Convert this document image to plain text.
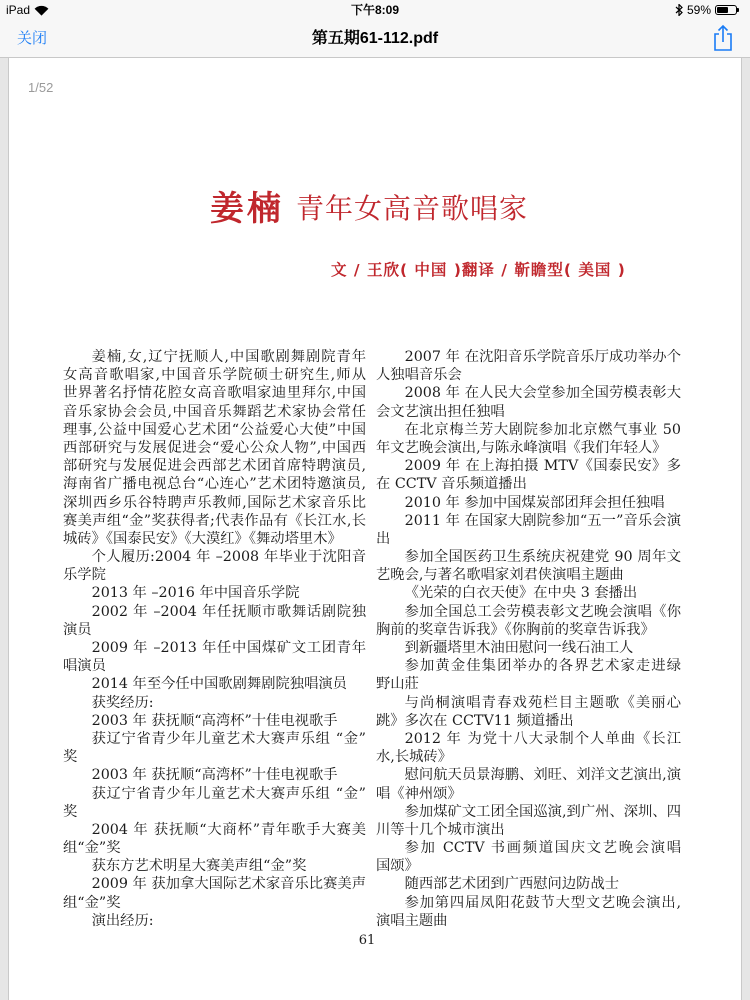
iPad	下午8:09	59%
关闭	第五期61-112.pdf
1/52
姜楠 青年女高音歌唱家
文 / 王欣( 中国 )翻译 / 靳瞻型( 美国 )
姜楠,女,辽宁抚顺人,中国歌剧舞剧院青年
女高音歌唱家,中国音乐学院硕士研究生,师从
世界著名抒情花腔女高音歌唱家迪里拜尔,中国
音乐家协会会员,中国音乐舞蹈艺术家协会常任
理事,公益中国爱心艺术团“公益爱心大使”中国
西部研究与发展促进会“爱心公众人物”,中国西
部研究与发展促进会西部艺术团首席特聘演员,
海南省广播电视总台“心连心”艺术团特邀演员,
深圳西乡乐谷特聘声乐教师,国际艺术家音乐比
赛美声组“金”奖获得者;代表作品有《长江水,长
城砖》《国泰民安》《大漠红》《舞动塔里木》
个人履历:2004 年 –2008 年毕业于沈阳音
乐学院
2013 年 –2016 年中国音乐学院
2002 年 –2004 年任抚顺市歌舞话剧院独
演员
2009 年 –2013 年任中国煤矿文工团青年
唱演员
2014 年至今任中国歌剧舞剧院独唱演员
获奖经历:
2003 年 获抚顺“高湾杯”十佳电视歌手
获辽宁省青少年儿童艺术大赛声乐组 “金”
奖
2003 年 获抚顺“高湾杯”十佳电视歌手
获辽宁省青少年儿童艺术大赛声乐组 “金”
奖
2004 年 获抚顺“大商杯”青年歌手大赛美
组“金”奖
获东方艺术明星大赛美声组“金”奖
2009 年 获加拿大国际艺术家音乐比赛美声
组“金”奖
演出经历:
2007 年 在沈阳音乐学院音乐厅成功举办个
人独唱音乐会
2008 年 在人民大会堂参加全国劳模表彰大
会文艺演出担任独唱
在北京梅兰芳大剧院参加北京燃气事业 50
年文艺晚会演出,与陈永峰演唱《我们年轻人》
2009 年 在上海拍摄 MTV《国泰民安》多
在 CCTV 音乐频道播出
2010 年 参加中国煤炭部团拜会担任独唱
2011 年 在国家大剧院参加“五一”音乐会演
出
参加全国医药卫生系统庆祝建党 90 周年文
艺晚会,与著名歌唱家刘君侠演唱主题曲
《光荣的白衣天使》在中央 3 套播出
参加全国总工会劳模表彰文艺晚会演唱《你
胸前的奖章告诉我》《你胸前的奖章告诉我》
到新疆塔里木油田慰问一线石油工人
参加黄金佳集团举办的各界艺术家走进绿
野山莊
与尚桐演唱青春戏苑栏目主题歌《美丽心
跳》多次在 CCTV11 频道播出
2012 年 为党十八大录制个人单曲《长江
水,长城砖》
慰问航天员景海鹏、刘旺、刘洋文艺演出,演
唱《神州颂》
参加煤矿文工团全国巡演,到广州、深圳、四
川等十几个城市演出
参加 CCTV 书画频道国庆文艺晚会演唱
国颂》
随西部艺术团到广西慰问边防战士
参加第四届凤阳花鼓节大型文艺晚会演出,
演唱主题曲
61
